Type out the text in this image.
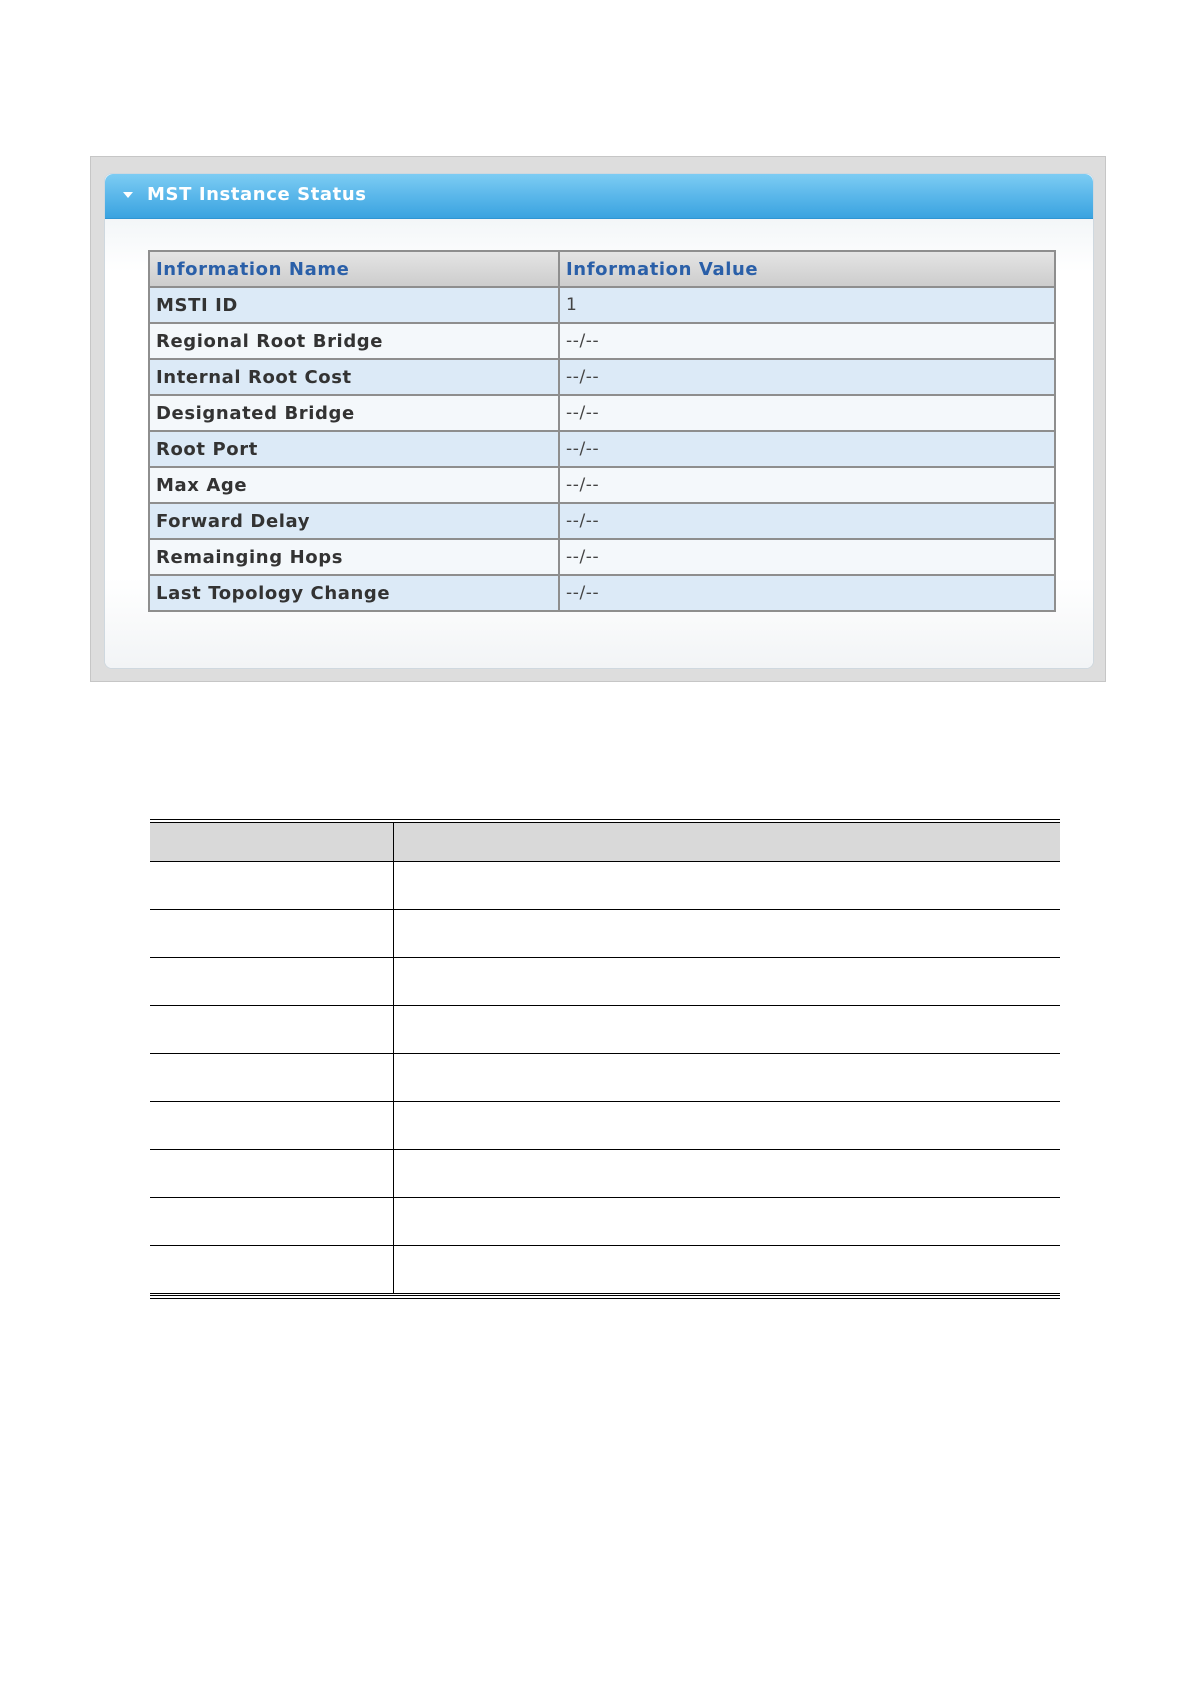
MST Instance Status
Information Name	Information Value
MSTI ID	1
Regional Root Bridge	--/--
Internal Root Cost	--/--
Designated Bridge	--/--
Root Port	--/--
Max Age	--/--
Forward Delay	--/--
Remainging Hops	--/--
Last Topology Change	--/--
